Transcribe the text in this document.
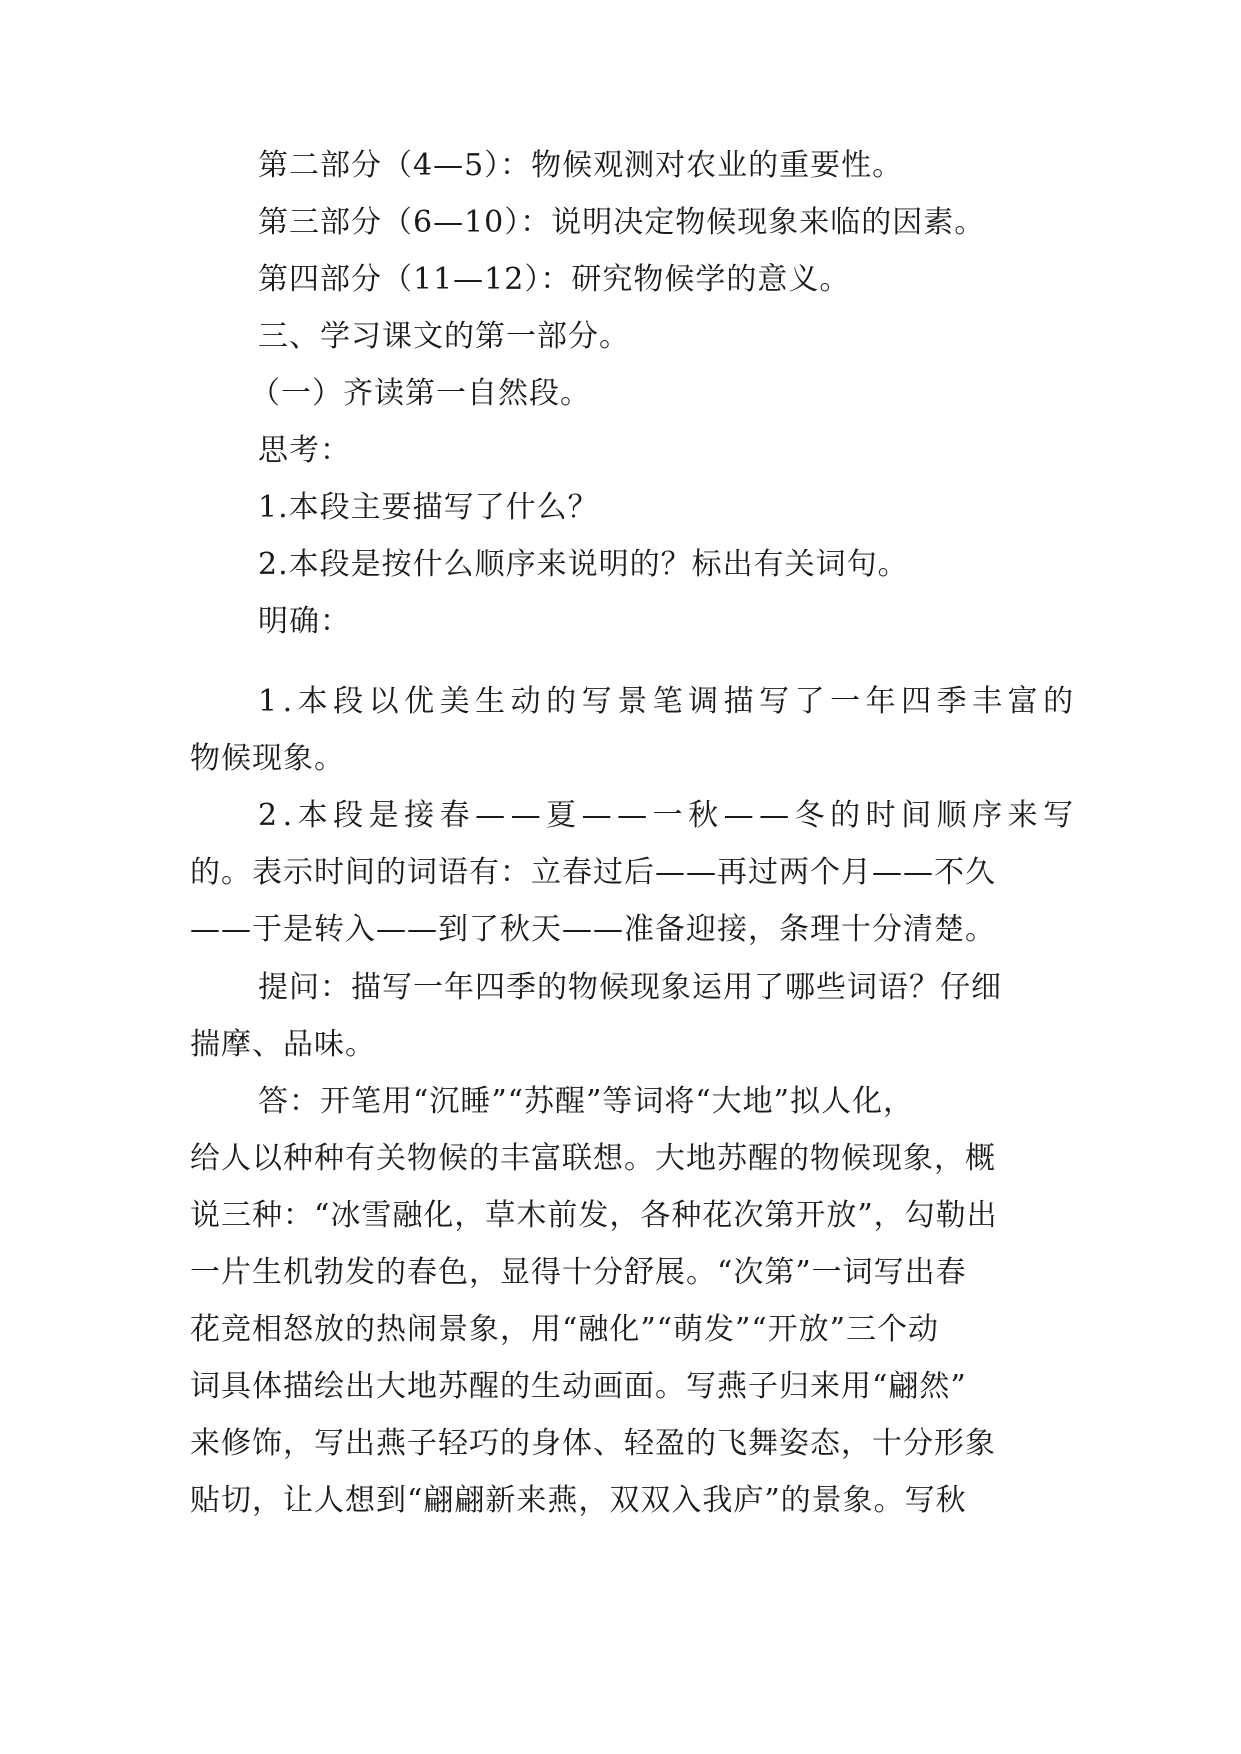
第二部分（4—5）：物候观测对农业的重要性。
第三部分（6—10）：说明决定物候现象来临的因素。
第四部分（11—12）：研究物候学的意义。
三、学习课文的第一部分。
（一）齐读第一自然段。
思考：
1.本段主要描写了什么？
2.本段是按什么顺序来说明的？标出有关词句。
明确：
1.本段以优美生动的写景笔调描写了一年四季丰富的
物候现象。
2.本段是接春——夏——一秋——冬的时间顺序来写
的。表示时间的词语有：立春过后——再过两个月——不久
——于是转入——到了秋天——准备迎接，条理十分清楚。
提问：描写一年四季的物候现象运用了哪些词语？仔细
揣摩、品味。
答：开笔用“沉睡”“苏醒”等词将“大地”拟人化，
给人以种种有关物候的丰富联想。大地苏醒的物候现象，概
说三种：“冰雪融化，草木前发，各种花次第开放”，勾勒出
一片生机勃发的春色，显得十分舒展。“次第”一词写出春
花竞相怒放的热闹景象，用“融化”“萌发”“开放”三个动
词具体描绘出大地苏醒的生动画面。写燕子归来用“翩然”
来修饰，写出燕子轻巧的身体、轻盈的飞舞姿态，十分形象
贴切，让人想到“翩翩新来燕，双双入我庐”的景象。写秋
